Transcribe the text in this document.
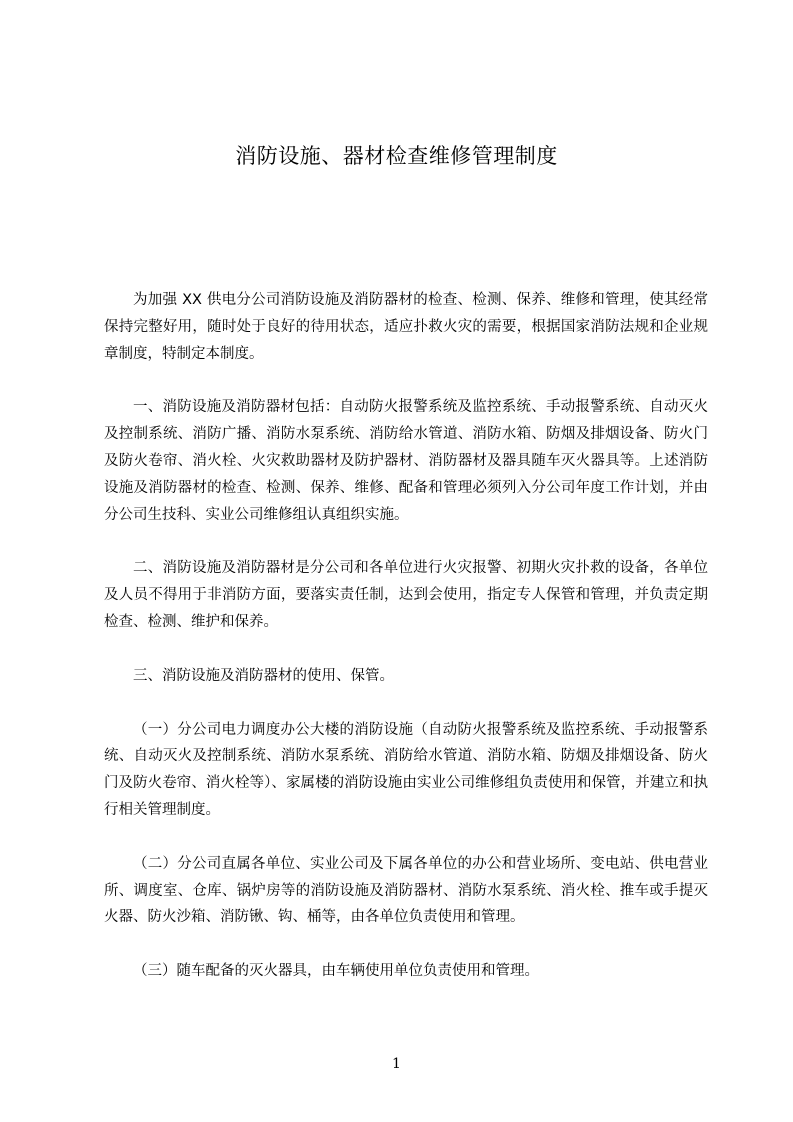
消防设施、器材检查维修管理制度

为加强 XX 供电分公司消防设施及消防器材的检查、检测、保养、维修和管理，使其经常保持完整好用，随时处于良好的待用状态，适应扑救火灾的需要，根据国家消防法规和企业规章制度，特制定本制度。

一、消防设施及消防器材包括：自动防火报警系统及监控系统、手动报警系统、自动灭火及控制系统、消防广播、消防水泵系统、消防给水管道、消防水箱、防烟及排烟设备、防火门及防火卷帘、消火栓、火灾救助器材及防护器材、消防器材及器具随车灭火器具等。上述消防设施及消防器材的检查、检测、保养、维修、配备和管理必须列入分公司年度工作计划，并由分公司生技科、实业公司维修组认真组织实施。

二、消防设施及消防器材是分公司和各单位进行火灾报警、初期火灾扑救的设备，各单位及人员不得用于非消防方面，要落实责任制，达到会使用，指定专人保管和管理，并负责定期检查、检测、维护和保养。

三、消防设施及消防器材的使用、保管。

（一）分公司电力调度办公大楼的消防设施（自动防火报警系统及监控系统、手动报警系统、自动灭火及控制系统、消防水泵系统、消防给水管道、消防水箱、防烟及排烟设备、防火门及防火卷帘、消火栓等）、家属楼的消防设施由实业公司维修组负责使用和保管，并建立和执行相关管理制度。

（二）分公司直属各单位、实业公司及下属各单位的办公和营业场所、变电站、供电营业所、调度室、仓库、锅炉房等的消防设施及消防器材、消防水泵系统、消火栓、推车或手提灭火器、防火沙箱、消防锹、钩、桶等，由各单位负责使用和管理。

（三）随车配备的灭火器具，由车辆使用单位负责使用和管理。

1
